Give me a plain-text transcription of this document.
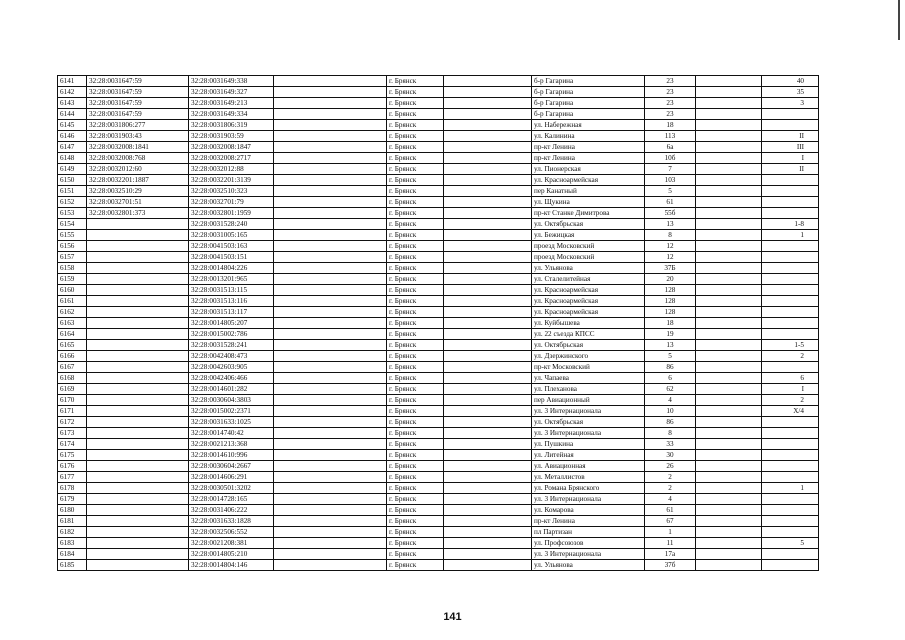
6141	32:28:0031647:59	32:28:0031649:338		г. Брянск		б-р Гагарина	23		40
6142	32:28:0031647:59	32:28:0031649:327		г. Брянск		б-р Гагарина	23		35
6143	32:28:0031647:59	32:28:0031649:213		г. Брянск		б-р Гагарина	23		3
6144	32:28:0031647:59	32:28:0031649:334		г. Брянск		б-р Гагарина	23		
6145	32:28:0031806:277	32:28:0031806:319		г. Брянск		ул. Набережная	18		
6146	32:28:0031903:43	32:28:0031903:59		г. Брянск		ул. Калинина	113		II
6147	32:28:0032008:1841	32:28:0032008:1847		г. Брянск		пр-кт Ленина	6а		III
6148	32:28:0032008:768	32:28:0032008:2717		г. Брянск		пр-кт Ленина	10б		I
6149	32:28:0032012:60	32:28:0032012:88		г. Брянск		ул. Пионерская	7		II
6150	32:28:0032201:1887	32:28:0032201:3139		г. Брянск		ул. Красноармейская	103		
6151	32:28:0032510:29	32:28:0032510:323		г. Брянск		пер Канатный	5		
6152	32:28:0032701:51	32:28:0032701:79		г. Брянск		ул. Щукина	61		
6153	32:28:0032801:373	32:28:0032801:1959		г. Брянск		пр-кт Станке Димитрова	55б		
6154		32:28:0031528:240		г. Брянск		ул. Октябрьская	13		1-8
6155		32:28:0031005:165		г. Брянск		ул. Бежицкая	8		1
6156		32:28:0041503:163		г. Брянск		проезд Московский	12		
6157		32:28:0041503:151		г. Брянск		проезд Московский	12		
6158		32:28:0014804:226		г. Брянск		ул. Ульянова	37Б		
6159		32:28:0013201:965		г. Брянск		ул. Сталелитейная	20		
6160		32:28:0031513:115		г. Брянск		ул. Красноармейская	128		
6161		32:28:0031513:116		г. Брянск		ул. Красноармейская	128		
6162		32:28:0031513:117		г. Брянск		ул. Красноармейская	128		
6163		32:28:0014805:207		г. Брянск		ул. Куйбышева	18		
6164		32:28:0015002:786		г. Брянск		ул. 22 съезда КПСС	19		
6165		32:28:0031528:241		г. Брянск		ул. Октябрьская	13		1-5
6166		32:28:0042408:473		г. Брянск		ул. Дзержинского	5		2
6167		32:28:0042603:905		г. Брянск		пр-кт Московский	86		
6168		32:28:0042406:466		г. Брянск		ул. Чапаева	6		6
6169		32:28:0014601:282		г. Брянск		ул. Плеханова	62		I
6170		32:28:0030604:3803		г. Брянск		пер Авиационный	4		2
6171		32:28:0015002:2371		г. Брянск		ул. 3 Интернационала	10		X/4
6172		32:28:0031633:1025		г. Брянск		ул. Октябрьская	86		
6173		32:28:0014740:42		г. Брянск		ул. 3 Интернационала	8		
6174		32:28:0021213:368		г. Брянск		ул. Пушкина	33		
6175		32:28:0014610:996		г. Брянск		ул. Литейная	30		
6176		32:28:0030604:2667		г. Брянск		ул. Авиационная	26		
6177		32:28:0014606:291		г. Брянск		ул. Металлистов	2		
6178		32:28:0030501:3202		г. Брянск		ул. Романа Брянского	2		1
6179		32:28:0014728:165		г. Брянск		ул. 3 Интернационала	4		
6180		32:28:0031406:222		г. Брянск		ул. Комарова	61		
6181		32:28:0031633:1828		г. Брянск		пр-кт Ленина	67		
6182		32:28:0032506:552		г. Брянск		пл Партизан	1		
6183		32:28:0021208:381		г. Брянск		ул. Профсоюзов	11		5
6184		32:28:0014805:210		г. Брянск		ул. 3 Интернационала	17а		
6185		32:28:0014804:146		г. Брянск		ул. Ульянова	37б		
141
